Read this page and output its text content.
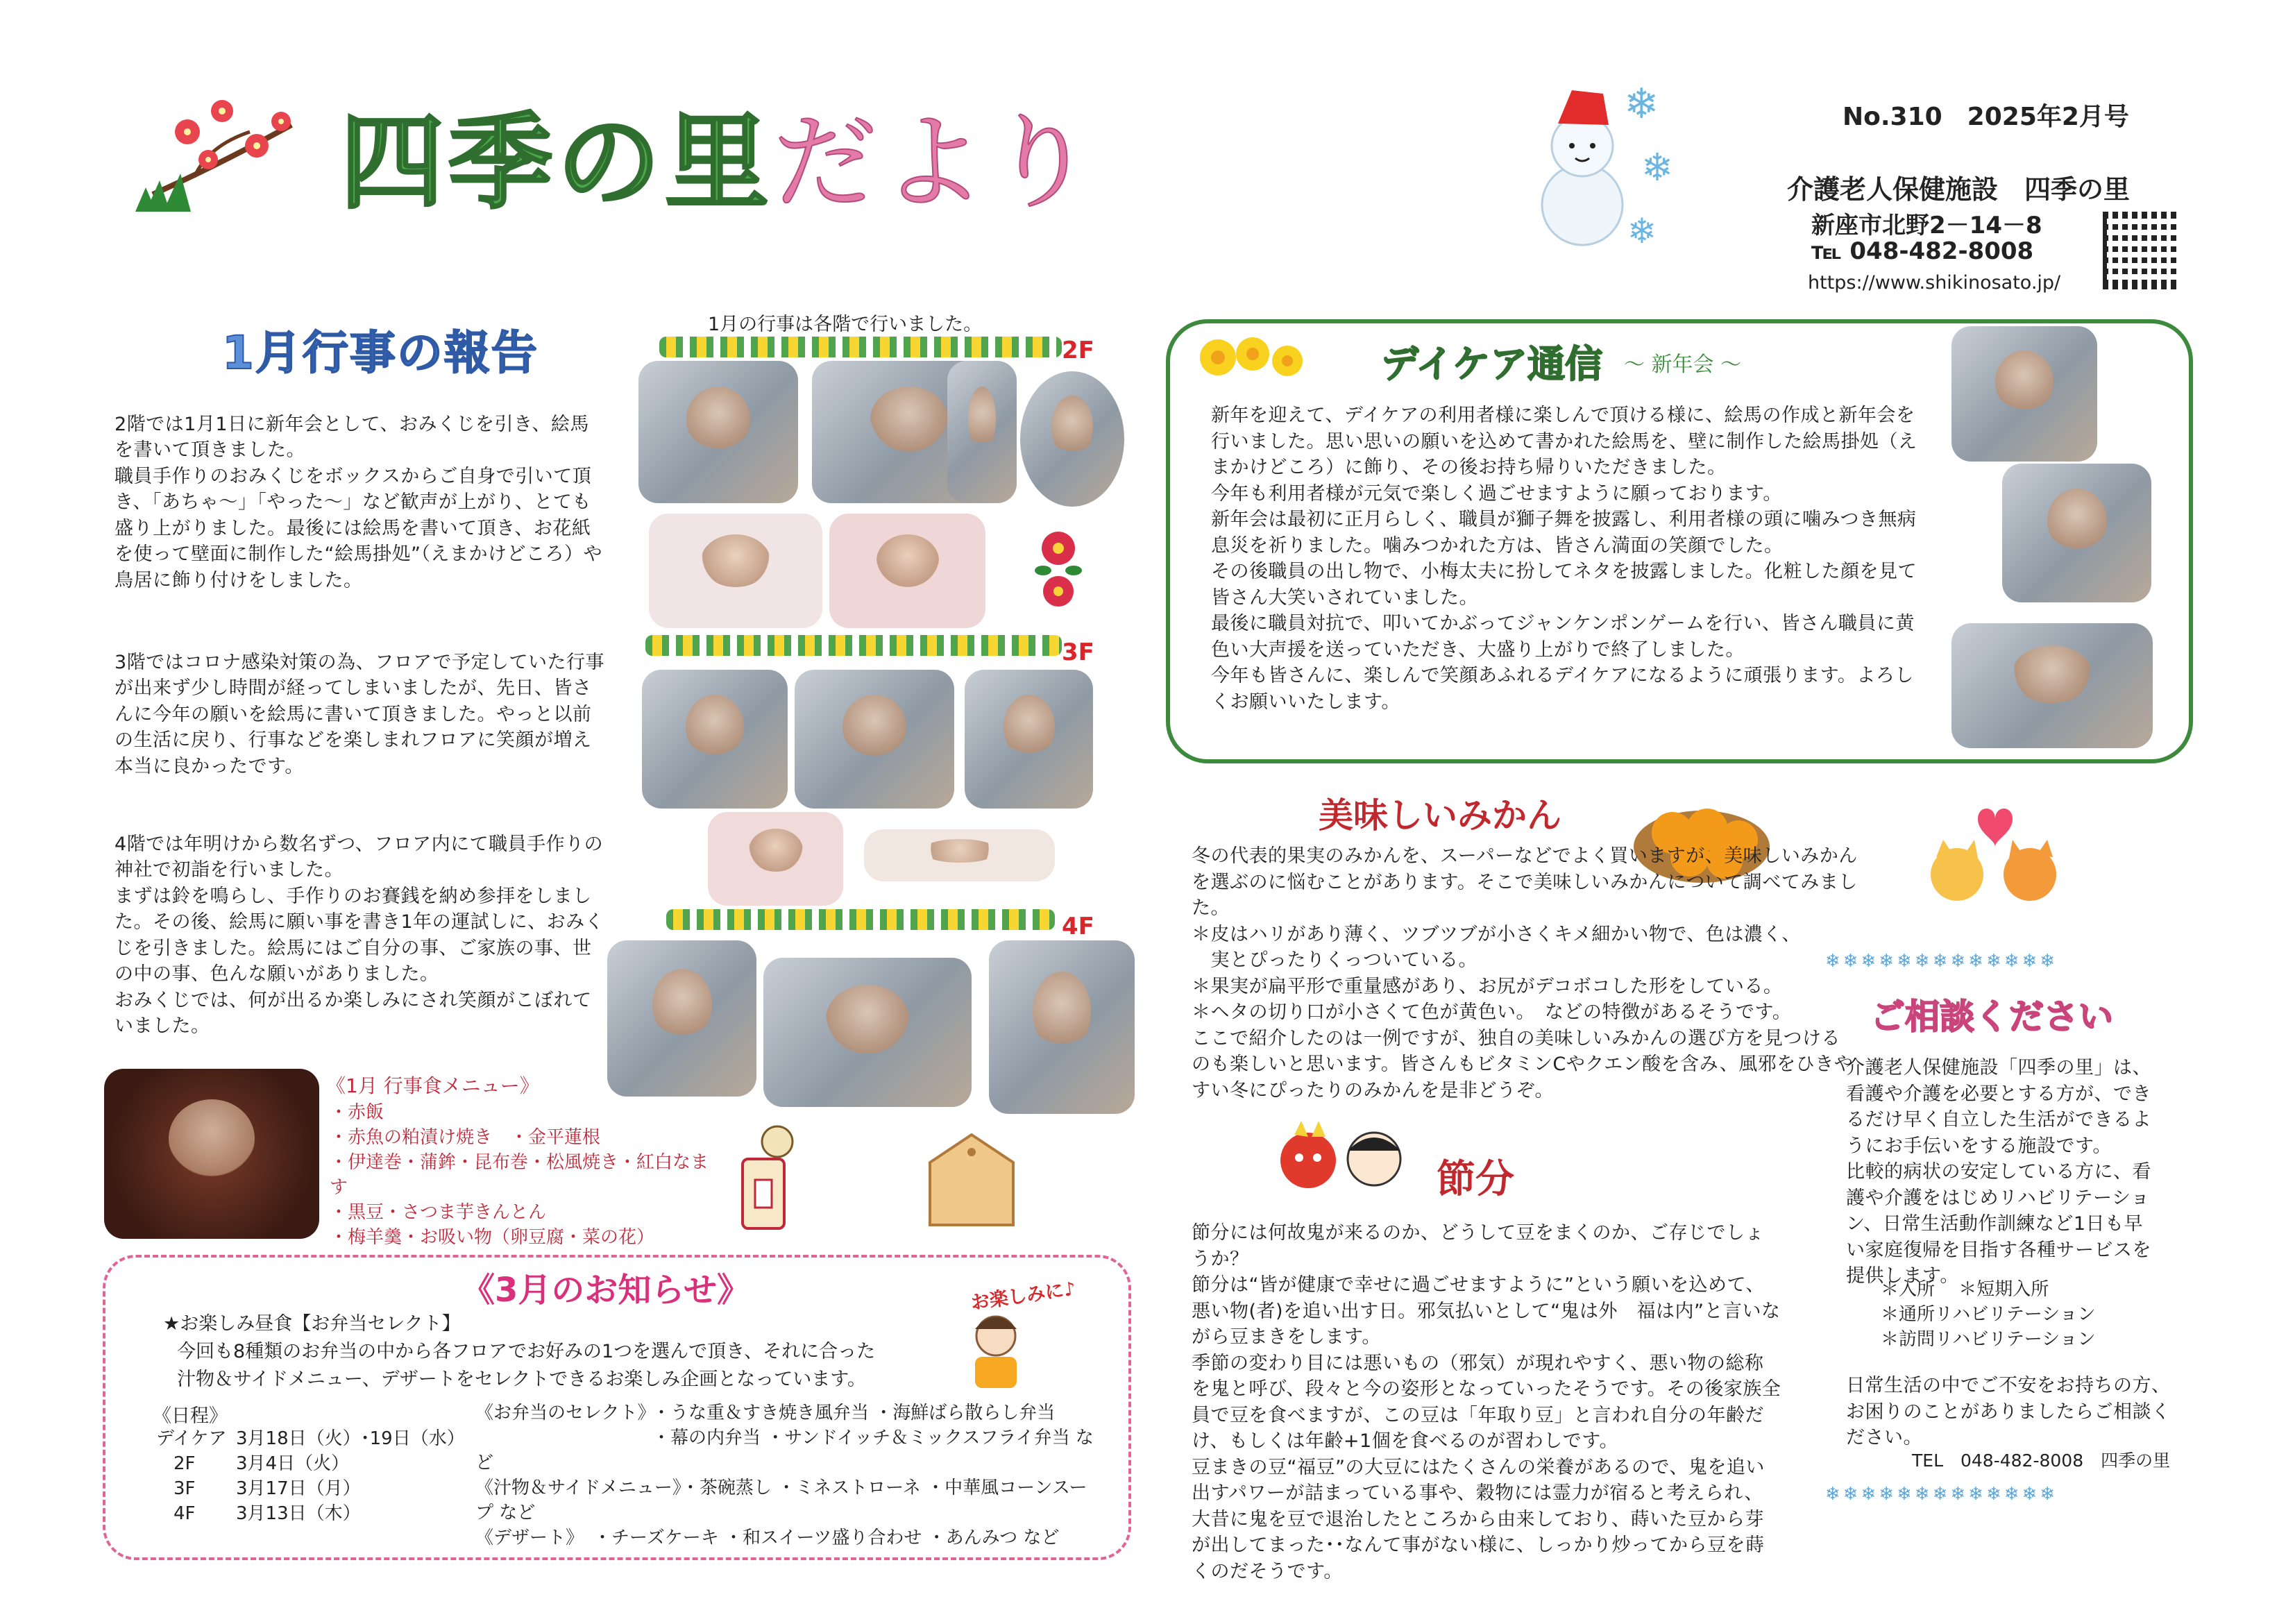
四季の里だより	❄
❄
❄
No.310　2025年2月号
介護老人保健施設　四季の里
新座市北野2－14－8
℡ 048-482-8008
https://www.shikinosato.jp/
1月行事の報告

2階では1月1日に新年会として、おみくじを引き、絵馬を書いて頂きました。
職員手作りのおみくじをボックスからご自身で引いて頂き、「あちゃ～」「やった～」など歓声が上がり、とても盛り上がりました。最後には絵馬を書いて頂き、お花紙を使って壁面に制作した“絵馬掛処”（えまかけどころ）や鳥居に飾り付けをしました。

3階ではコロナ感染対策の為、フロアで予定していた行事が出来ず少し時間が経ってしまいましたが、先日、皆さんに今年の願いを絵馬に書いて頂きました。やっと以前の生活に戻り、行事などを楽しまれフロアに笑顔が増え本当に良かったです。

4階では年明けから数名ずつ、フロア内にて職員手作りの神社で初詣を行いました。
まずは鈴を鳴らし、手作りのお賽銭を納め参拝をしました。その後、絵馬に願い事を書き1年の運試しに、おみくじを引きました。絵馬にはご自分の事、ご家族の事、世の中の事、色んな願いがありました。
おみくじでは、何が出るか楽しみにされ笑顔がこぼれていました。

1月の行事は各階で行いました。
2F
3F
4F
《1月 行事食メニュー》
・赤飯
・赤魚の粕漬け焼き　・金平蓮根
・伊達巻・蒲鉾・昆布巻・松風焼き・紅白なます
・黒豆・さつま芋きんとん
・梅羊羹・お吸い物（卵豆腐・菜の花）
《3月のお知らせ》	お楽しみに♪
★お楽しみ昼食【お弁当セレクト】
今回も8種類のお弁当の中から各フロアでお好みの1つを選んで頂き、それに合った
汁物＆サイドメニュー、デザートをセレクトできるお楽しみ企画となっています。
《日程》
デイケア 3月18日（火）･19日（水）
2F 3月4日（火）
3F 3月17日（月）
4F 3月13日（木）
《お弁当のセレクト》・うな重＆すき焼き風弁当 ・海鮮ばら散らし弁当
・幕の内弁当 ・サンドイッチ＆ミックスフライ弁当 など
《汁物＆サイドメニュー》・茶碗蒸し ・ミネストローネ ・中華風コーンスープ など
《デザート》 ・チーズケーキ ・和スイーツ盛り合わせ ・あんみつ など
デイケア通信 ～ 新年会 ～
新年を迎えて、デイケアの利用者様に楽しんで頂ける様に、絵馬の作成と新年会を行いました。思い思いの願いを込めて書かれた絵馬を、壁に制作した絵馬掛処（えまかけどころ）に飾り、その後お持ち帰りいただきました。
今年も利用者様が元気で楽しく過ごせますように願っております。
新年会は最初に正月らしく、職員が獅子舞を披露し、利用者様の頭に噛みつき無病息災を祈りました。噛みつかれた方は、皆さん満面の笑顔でした。
その後職員の出し物で、小梅太夫に扮してネタを披露しました。化粧した顔を見て皆さん大笑いされていました。
最後に職員対抗で、叩いてかぶってジャンケンポンゲームを行い、皆さん職員に黄色い大声援を送っていただき、大盛り上がりで終了しました。
今年も皆さんに、楽しんで笑顔あふれるデイケアになるように頑張ります。よろしくお願いいたします。
美味しいみかん
冬の代表的果実のみかんを、スーパーなどでよく買いますが、美味しいみかんを選ぶのに悩むことがあります。そこで美味しいみかんについて調べてみました。
＊皮はハリがあり薄く、ツブツブが小さくキメ細かい物で、色は濃く、
　実とぴったりくっついている。
＊果実が扁平形で重量感があり、お尻がデコボコした形をしている。
＊ヘタの切り口が小さくて色が黄色い。　などの特徴があるそうです。
ここで紹介したのは一例ですが、独自の美味しいみかんの選び方を見つけるのも楽しいと思います。皆さんもビタミンCやクエン酸を含み、風邪をひきやすい冬にぴったりのみかんを是非どうぞ。
節分
節分には何故鬼が来るのか、どうして豆をまくのか、ご存じでしょうか？
節分は“皆が健康で幸せに過ごせますように”という願いを込めて、悪い物(者)を追い出す日。邪気払いとして“鬼は外　福は内”と言いながら豆まきをします。
季節の変わり目には悪いもの（邪気）が現れやすく、悪い物の総称を鬼と呼び、段々と今の姿形となっていったそうです。その後家族全員で豆を食べますが、この豆は「年取り豆」と言われ自分の年齢だけ、もしくは年齢+1個を食べるのが習わしです。
豆まきの豆“福豆”の大豆にはたくさんの栄養があるので、鬼を追い出すパワーが詰まっている事や、穀物には霊力が宿ると考えられ、大昔に鬼を豆で退治したところから由来しており、蒔いた豆から芽が出してまった･･なんて事がない様に、しっかり炒ってから豆を蒔くのだそうです。
❄︎❄︎❄︎❄︎❄︎❄︎❄︎❄︎❄︎❄︎❄︎❄︎❄︎
ご相談ください
介護老人保健施設「四季の里」は、看護や介護を必要とする方が、できるだけ早く自立した生活ができるようにお手伝いをする施設です。
比較的病状の安定している方に、看護や介護をはじめリハビリテーション、日常生活動作訓練など1日も早い家庭復帰を目指す各種サービスを提供します。
＊入所　 ＊短期入所
＊通所リハビリテーション
＊訪問リハビリテーション
日常生活の中でご不安をお持ちの方、お困りのことがありましたらご相談ください。
TEL　048-482-8008　四季の里
❄︎❄︎❄︎❄︎❄︎❄︎❄︎❄︎❄︎❄︎❄︎❄︎❄︎
